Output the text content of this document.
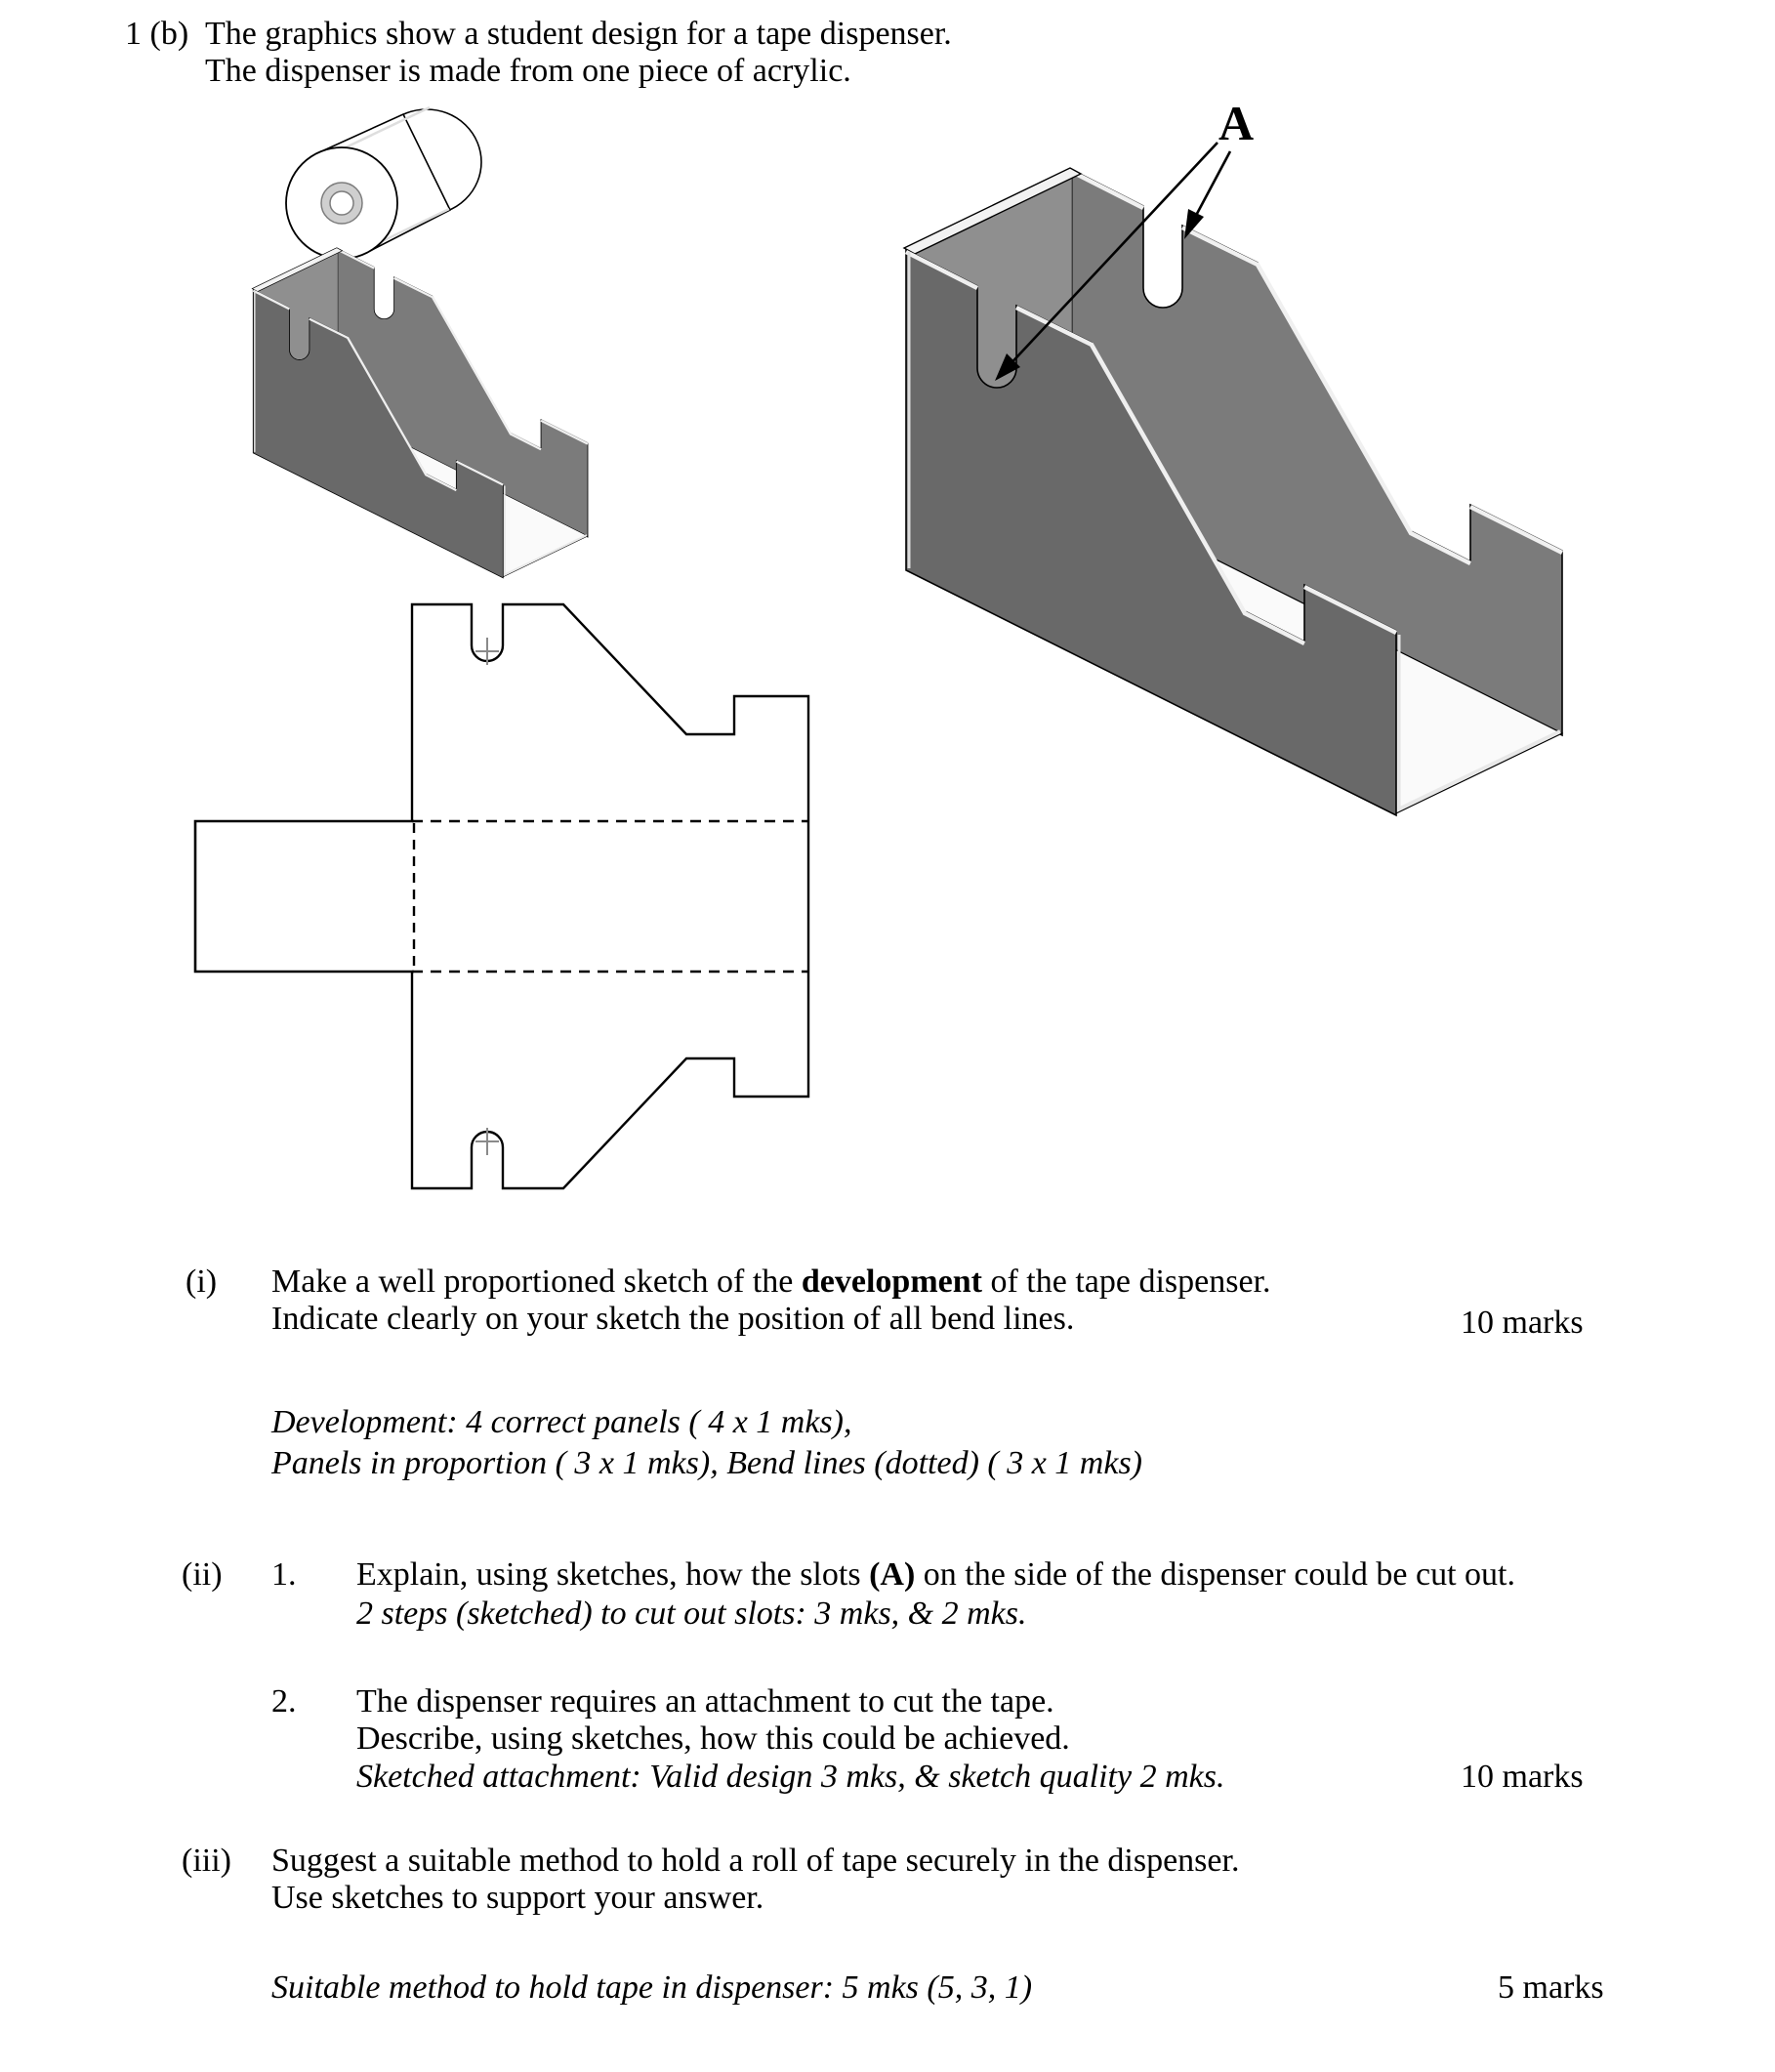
A
1 (b) The graphics show a student design for a tape dispenser.
The dispenser is made from one piece of acrylic.
(i) Make a well proportioned sketch of the development of the tape dispenser.
Indicate clearly on your sketch the position of all bend lines.	10 marks
Development: 4 correct panels ( 4 x 1 mks),
Panels in proportion ( 3 x 1 mks), Bend lines (dotted) ( 3 x 1 mks)
(ii) 1. Explain, using sketches, how the slots (A) on the side of the dispenser could be cut out.
2 steps (sketched) to cut out slots: 3 mks, & 2 mks.
2. The dispenser requires an attachment to cut the tape.
Describe, using sketches, how this could be achieved.
Sketched attachment: Valid design 3 mks, & sketch quality 2 mks.	10 marks
(iii) Suggest a suitable method to hold a roll of tape securely in the dispenser.
Use sketches to support your answer.
Suitable method to hold tape in dispenser: 5 mks (5, 3, 1)	5 marks
